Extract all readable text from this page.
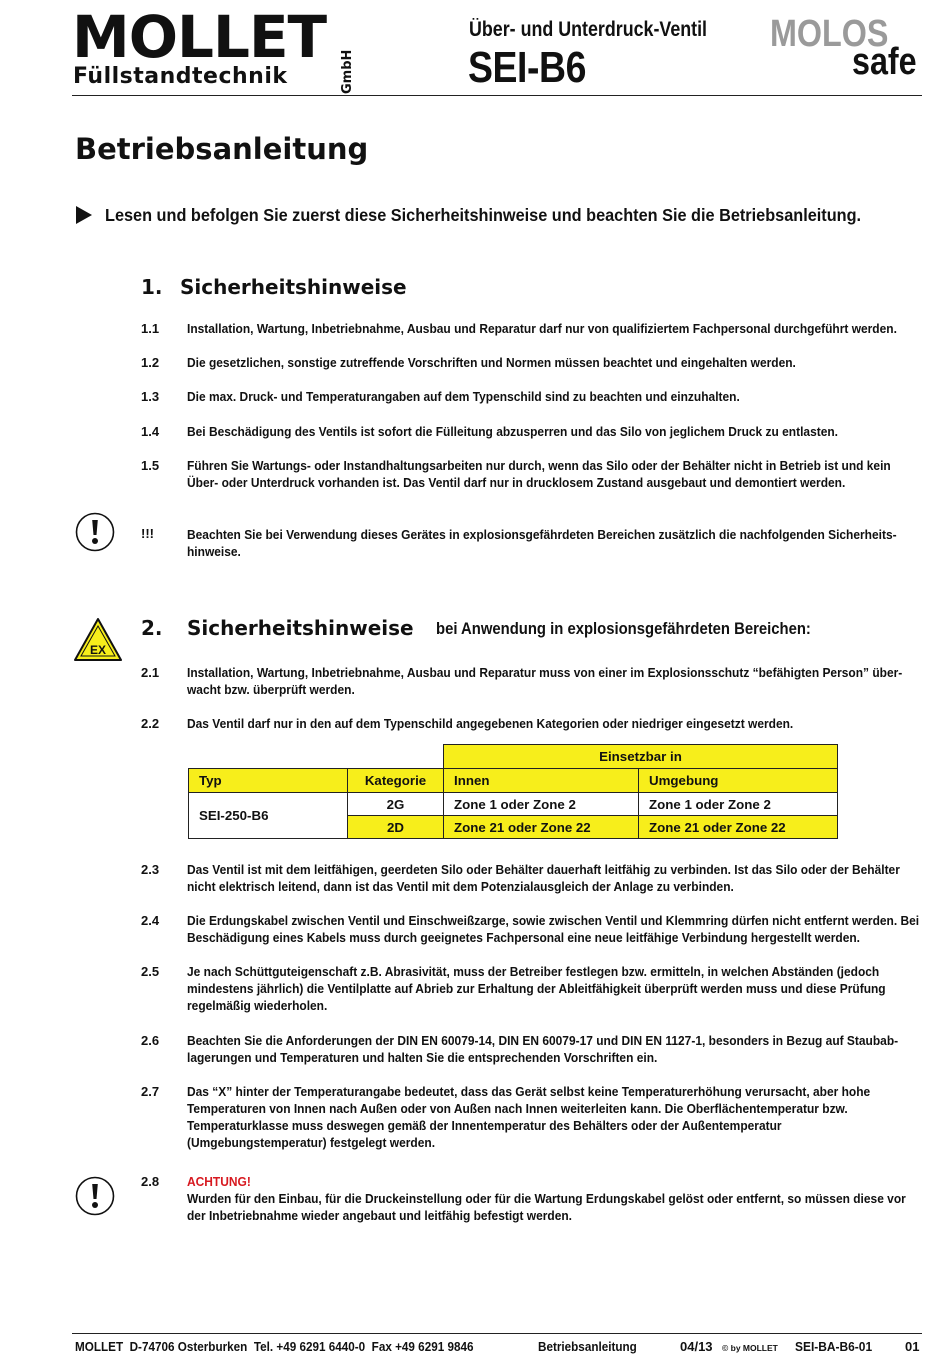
MOLLET
Füllstandtechnik	GmbH
Über- und Unterdruck-Ventil
SEI-B6
MOLOS
safe
Betriebsanleitung
Lesen und befolgen Sie zuerst diese Sicherheitshinweise und beachten Sie die Betriebsanleitung.
1. Sicherheitshinweise
1.1 Installation, Wartung, Inbetriebnahme, Ausbau und Reparatur darf nur von qualifiziertem Fachpersonal durchgeführt werden.
1.2 Die gesetzlichen, sonstige zutreffende Vorschriften und Normen müssen beachtet und eingehalten werden.
1.3 Die max. Druck- und Temperaturangaben auf dem Typenschild sind zu beachten und einzuhalten.
1.4 Bei Beschädigung des Ventils ist sofort die Fülleitung abzusperren und das Silo von jeglichem Druck zu entlasten.
1.5 Führen Sie Wartungs- oder Instandhaltungsarbeiten nur durch, wenn das Silo oder der Behälter nicht in Betrieb ist und kein Über- oder Unterdruck vorhanden ist. Das Ventil darf nur in drucklosem Zustand ausgebaut und demontiert werden.
!!! Beachten Sie bei Verwendung dieses Gerätes in explosionsgefährdeten Bereichen zusätzlich die nachfolgenden Sicherheits-hinweise.
EX
2. Sicherheitshinweise bei Anwendung in explosionsgefährdeten Bereichen:
2.1 Installation, Wartung, Inbetriebnahme, Ausbau und Reparatur muss von einer im Explosionsschutz “befähigten Person” über-wacht bzw. überprüft werden.
2.2 Das Ventil darf nur in den auf dem Typenschild angegebenen Kategorien oder niedriger eingesetzt werden.
Einsetzbar in
Typ	Kategorie	Innen	Umgebung
SEI-250-B6
2G	Zone 1 oder Zone 2	Zone 1 oder Zone 2
2D	Zone 21 oder Zone 22	Zone 21 oder Zone 22
2.3 Das Ventil ist mit dem leitfähigen, geerdeten Silo oder Behälter dauerhaft leitfähig zu verbinden. Ist das Silo oder der Behälter nicht elektrisch leitend, dann ist das Ventil mit dem Potenzialausgleich der Anlage zu verbinden.
2.4 Die Erdungskabel zwischen Ventil und Einschweißzarge, sowie zwischen Ventil und Klemmring dürfen nicht entfernt werden. Bei Beschädigung eines Kabels muss durch geeignetes Fachpersonal eine neue leitfähige Verbindung hergestellt werden.
2.5 Je nach Schüttguteigenschaft z.B. Abrasivität, muss der Betreiber festlegen bzw. ermitteln, in welchen Abständen (jedoch mindestens jährlich) die Ventilplatte auf Abrieb zur Erhaltung der Ableitfähigkeit überprüft werden muss und diese Prüfung regelmäßig wiederholen.
2.6 Beachten Sie die Anforderungen der DIN EN 60079-14, DIN EN 60079-17 und DIN EN 1127-1, besonders in Bezug auf Staubab-lagerungen und Temperaturen und halten Sie die entsprechenden Vorschriften ein.
2.7 Das “X” hinter der Temperaturangabe bedeutet, dass das Gerät selbst keine Temperaturerhöhung verursacht, aber hohe Temperaturen von Innen nach Außen oder von Außen nach Innen weiterleiten kann. Die Oberflächentemperatur bzw. Temperaturklasse muss deswegen gemäß der Innentemperatur des Behälters oder der Außentemperatur (Umgebungstemperatur) festgelegt werden.
2.8 ACHTUNG!
Wurden für den Einbau, für die Druckeinstellung oder für die Wartung Erdungskabel gelöst oder entfernt, so müssen diese vor der Inbetriebnahme wieder angebaut und leitfähig befestigt werden.
MOLLET D-74706 Osterburken Tel. +49 6291 6440-0 Fax +49 6291 9846	Betriebsanleitung	04/13 © by MOLLET SEI-BA-B6-01	01
